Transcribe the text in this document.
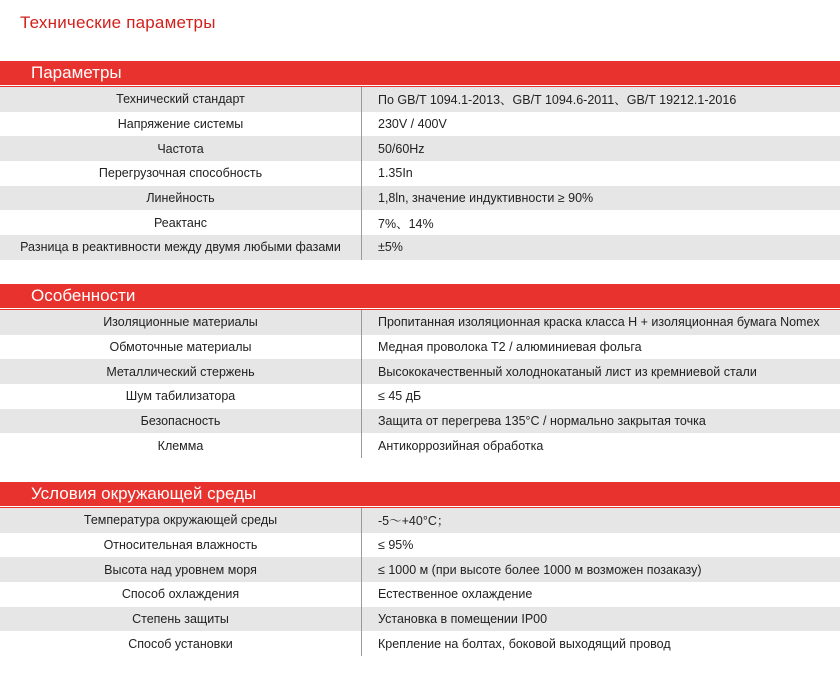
Технические параметры
Параметры
Технический стандарт	По GB/T 1094.1-2013、GB/T 1094.6-2011、GB/T 19212.1-2016
Напряжение системы	230V / 400V
Частота	50/60Hz
Перегрузочная способность	1.35In
Линейность	1,8ln, значение индуктивности ≥ 90%
Реактанс	7%、14%
Разница в реактивности между двумя любыми фазами	±5%
Особенности
Изоляционные материалы	Пропитанная изоляционная краска класса H + изоляционная бумага Nomex
Обмоточные материалы	Медная проволока T2 / алюминиевая фольга
Металлический стержень	Высококачественный холоднокатаный лист из кремниевой стали
Шум табилизатора	≤ 45 дБ
Безопасность	Защита от перегрева 135°C / нормально закрытая точка
Клемма	Антикоррозийная обработка
Условия окружающей среды
Температура окружающей среды	-5～+40°C；
Относительная влажность	≤ 95%
Высота над уровнем моря	≤ 1000 м (при высоте более 1000 м возможен позаказу)
Способ охлаждения	Естественное охлаждение
Степень защиты	Установка в помещении IP00
Способ установки	Крепление на болтах, боковой выходящий провод
